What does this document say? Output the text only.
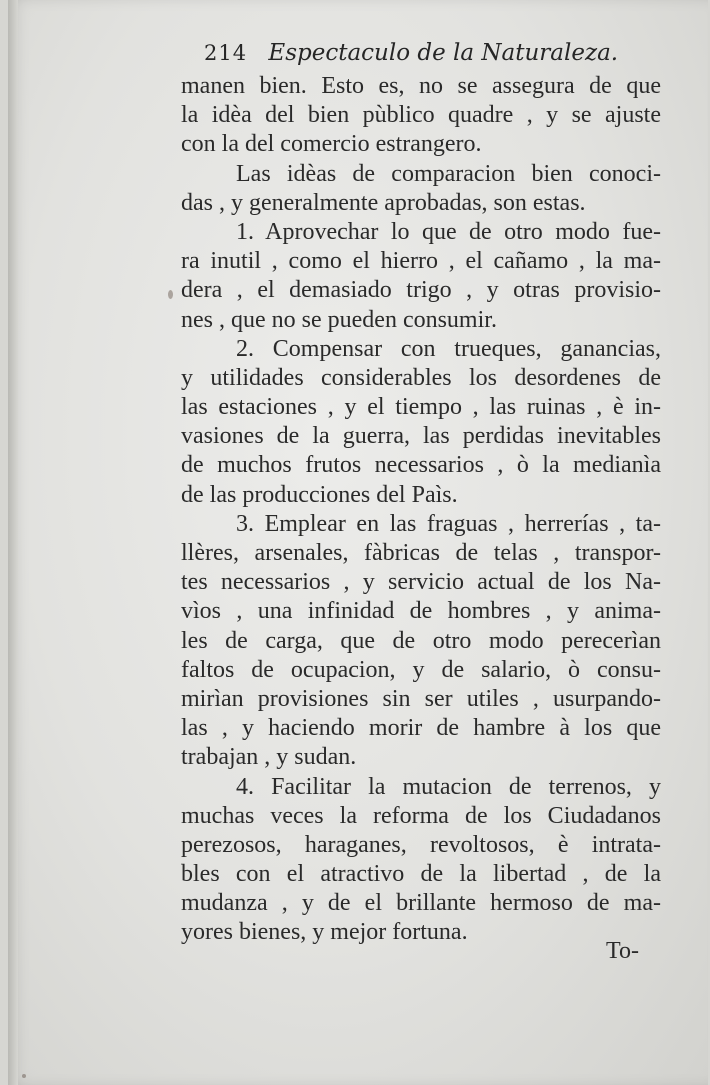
214 Espectaculo de la Naturaleza.
manen bien. Esto es, no se assegura de que
la idèa del bien pùblico quadre , y se ajuste
con la del comercio estrangero.
Las idèas de comparacion bien conoci-
das , y generalmente aprobadas, son estas.
1. Aprovechar lo que de otro modo fue-
ra inutil , como el hierro , el cañamo , la ma-
dera , el demasiado trigo , y otras provisio-
nes , que no se pueden consumir.
2. Compensar con trueques, ganancias,
y utilidades considerables los desordenes de
las estaciones , y el tiempo , las ruinas , è in-
vasiones de la guerra, las perdidas inevitables
de muchos frutos necessarios , ò la medianìa
de las producciones del Paìs.
3. Emplear en las fraguas , herrerías , ta-
llères, arsenales, fàbricas de telas , transpor-
tes necessarios , y servicio actual de los Na-
vìos , una infinidad de hombres , y anima-
les de carga, que de otro modo perecerìan
faltos de ocupacion, y de salario, ò consu-
mirìan provisiones sin ser utiles , usurpando-
las , y haciendo morir de hambre à los que
trabajan , y sudan.
4. Facilitar la mutacion de terrenos, y
muchas veces la reforma de los Ciudadanos
perezosos, haraganes, revoltosos, è intrata-
bles con el atractivo de la libertad , de la
mudanza , y de el brillante hermoso de ma-
yores bienes, y mejor fortuna.
To-
